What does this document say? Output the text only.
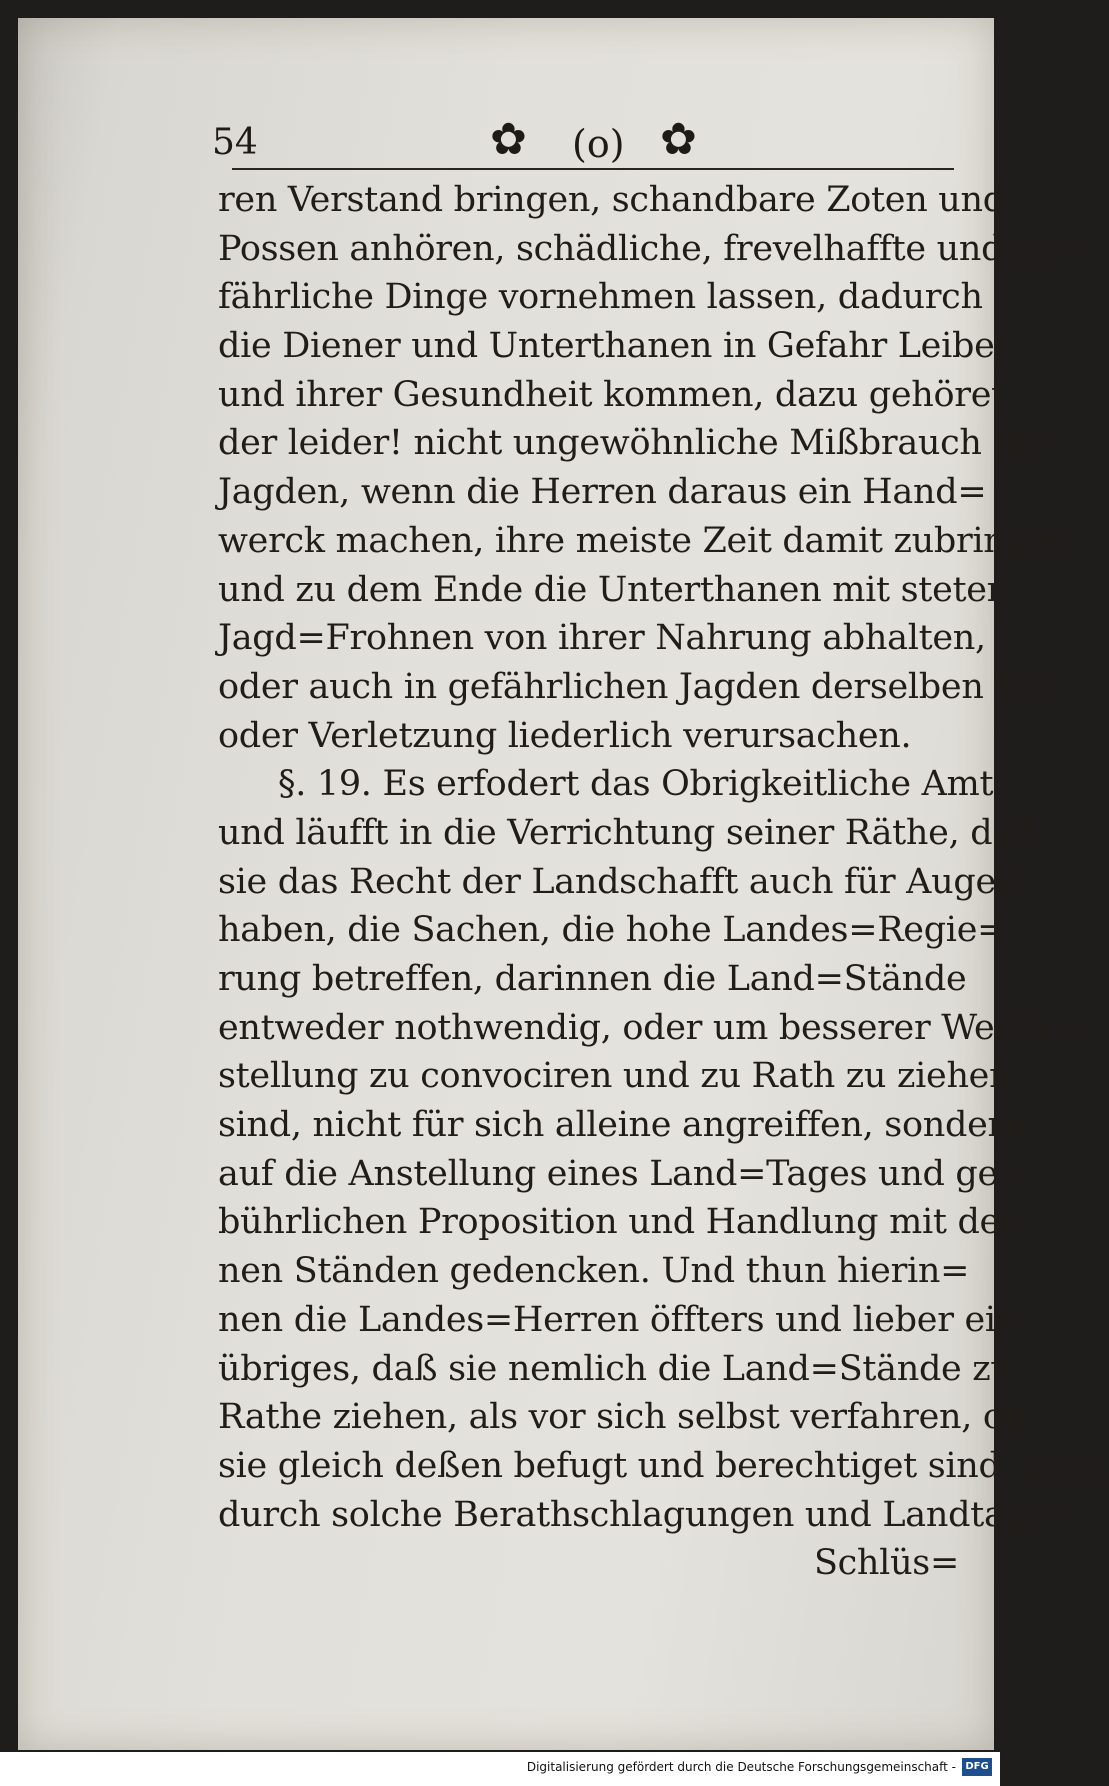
54	✿ (o) ✿
ren Verstand bringen, schandbare Zoten und
Possen anhören, schädliche, frevelhaffte und ge=
fährliche Dinge vornehmen lassen, dadurch
die Diener und Unterthanen in Gefahr Leibes
und ihrer Gesundheit kommen, dazu gehöret
der leider! nicht ungewöhnliche Mißbrauch der
Jagden, wenn die Herren daraus ein Hand=
werck machen, ihre meiste Zeit damit zubringen
und zu dem Ende die Unterthanen mit steten
Jagd=Frohnen von ihrer Nahrung abhalten,
oder auch in gefährlichen Jagden derselben Tod
oder Verletzung liederlich verursachen.
§. 19. Es erfodert das Obrigkeitliche Amt
und läufft in die Verrichtung seiner Räthe, daß
sie das Recht der Landschafft auch für Augen
haben, die Sachen, die hohe Landes=Regie=
rung betreffen, darinnen die Land=Stände
entweder nothwendig, oder um besserer Werck=
stellung zu convociren und zu Rath zu ziehen
sind, nicht für sich alleine angreiffen, sondern
auf die Anstellung eines Land=Tages und ge=
bührlichen Proposition und Handlung mit de=
nen Ständen gedencken. Und thun hierin=
nen die Landes=Herren öffters und lieber ein
übriges, daß sie nemlich die Land=Stände zu
Rathe ziehen, als vor sich selbst verfahren, ob
sie gleich deßen befugt und berechtiget sind, denn
durch solche Berathschlagungen und Landtags=
Schlüs=
Digitalisierung gefördert durch die Deutsche Forschungsgemeinschaft - DFG
